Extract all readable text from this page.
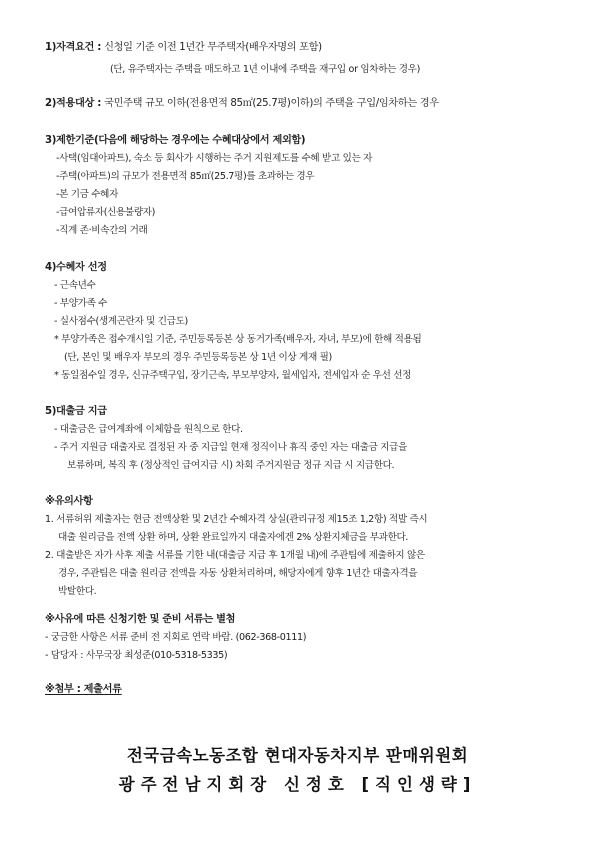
1)자격요건 : 신청일 기준 이전 1년간 무주택자(배우자명의 포함)
(단, 유주택자는 주택을 매도하고 1년 이내에 주택을 재구입 or 임차하는 경우)
2)적용대상 : 국민주택 규모 이하(전용면적 85㎡(25.7평)이하)의 주택을 구입/임차하는 경우
3)제한기준(다음에 해당하는 경우에는 수혜대상에서 제외함)
-사택(임대아파트), 숙소 등 회사가 시행하는 주거 지원제도를 수혜 받고 있는 자
-주택(아파트)의 규모가 전용면적 85㎡(25.7평)를 초과하는 경우
-본 기금 수혜자
-급여압류자(신용불량자)
-직계 존·비속간의 거래
4)수혜자 선정
- 근속년수
- 부양가족 수
- 실사점수(생계곤란자 및 긴급도)
* 부양가족은 접수개시일 기준, 주민등록등본 상 동거가족(배우자, 자녀, 부모)에 한해 적용됨
(단, 본인 및 배우자 부모의 경우 주민등록등본 상 1년 이상 게재 필)
* 동일점수일 경우, 신규주택구입, 장기근속, 부모부양자, 월세입자, 전세입자 순 우선 선정
5)대출금 지급
- 대출금은 급여계좌에 이체함을 원칙으로 한다.
- 주거 지원금 대출자로 결정된 자 중 지급일 현재 정직이나 휴직 중인 자는 대출금 지급을
보류하며, 복직 후 (정상적인 급여지급 시) 차회 주거지원금 정규 지급 시 지급한다.
※유의사항
1. 서류허위 제출자는 현금 전액상환 및 2년간 수혜자격 상실(관리규정 제15조 1,2항) 적발 즉시
대출 원리금을 전액 상환 하며, 상환 완료일까지 대출자에겐 2% 상환지체금을 부과한다.
2. 대출받은 자가 사후 제출 서류를 기한 내(대출금 지급 후 1개월 내)에 주관팀에 제출하지 않은
경우, 주관팀은 대출 원리금 전액을 자동 상환처리하며, 해당자에게 향후 1년간 대출자격을
박탈한다.
※사유에 따른 신청기한 및 준비 서류는 별첨
- 궁금한 사항은 서류 준비 전 지회로 연락 바람. (062-368-0111)
- 담당자 : 사무국장 최성준(010-5318-5335)
※첨부 : 제출서류
전국금속노동조합 현대자동차지부 판매위원회
광주전남지회장 신정호 [직인생략]
